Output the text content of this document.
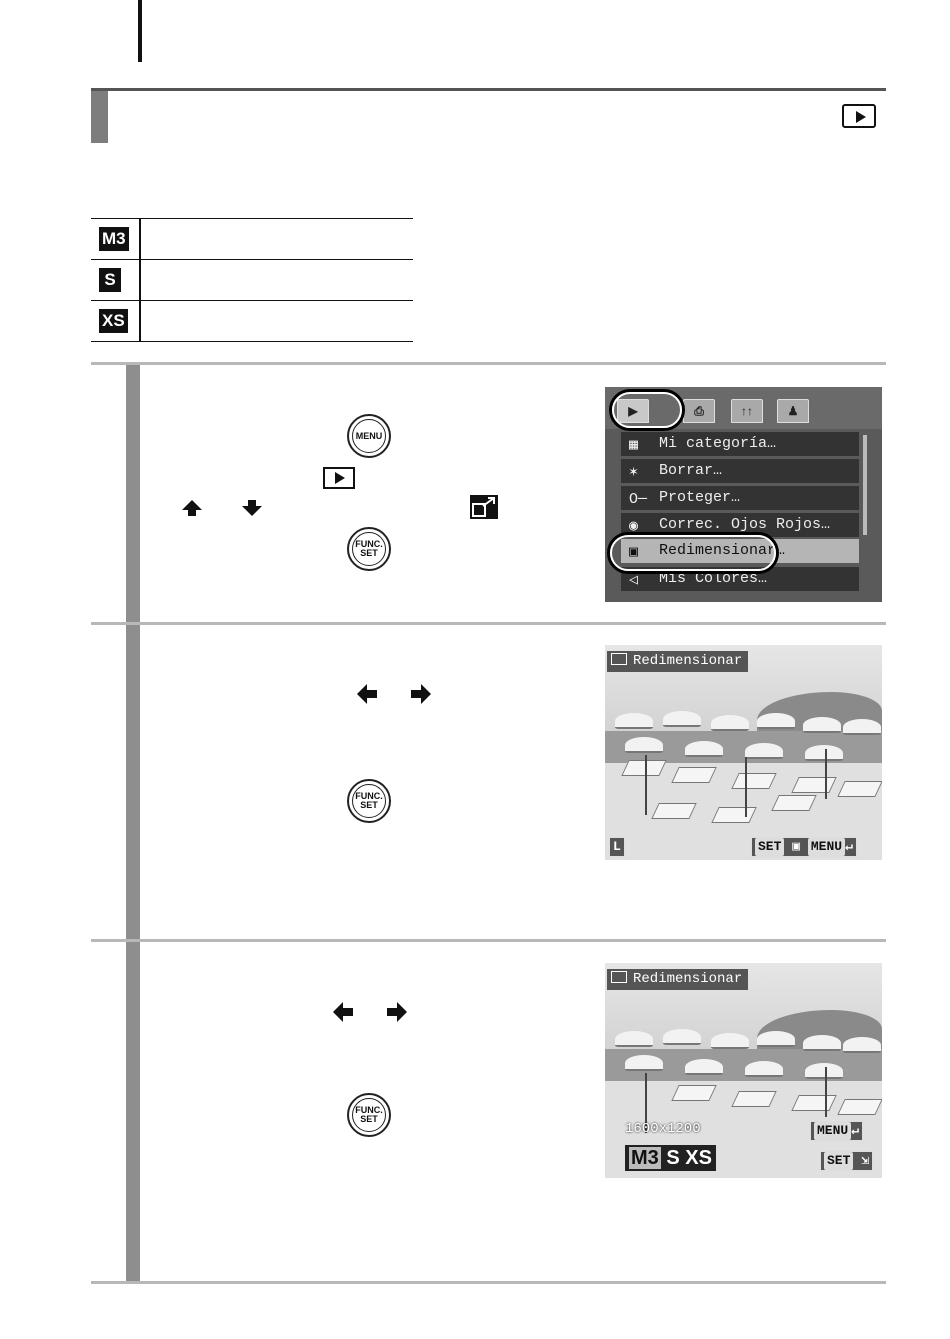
M3
S
XS
MENU
FUNC.
SET
▶	⎙	↑↑	♟
▦ Mi categoría…
✶ Borrar…
O─ Proteger…
◉ Correc. Ojos Rojos…
▣ Redimensionar…
◁ Mis Colores…
FUNC.
SET
Redimensionar
L	SET ▣ MENU ↵
FUNC.
SET
Redimensionar
1600x1200	MENU ↵
M3 S XS	SET ⇲
